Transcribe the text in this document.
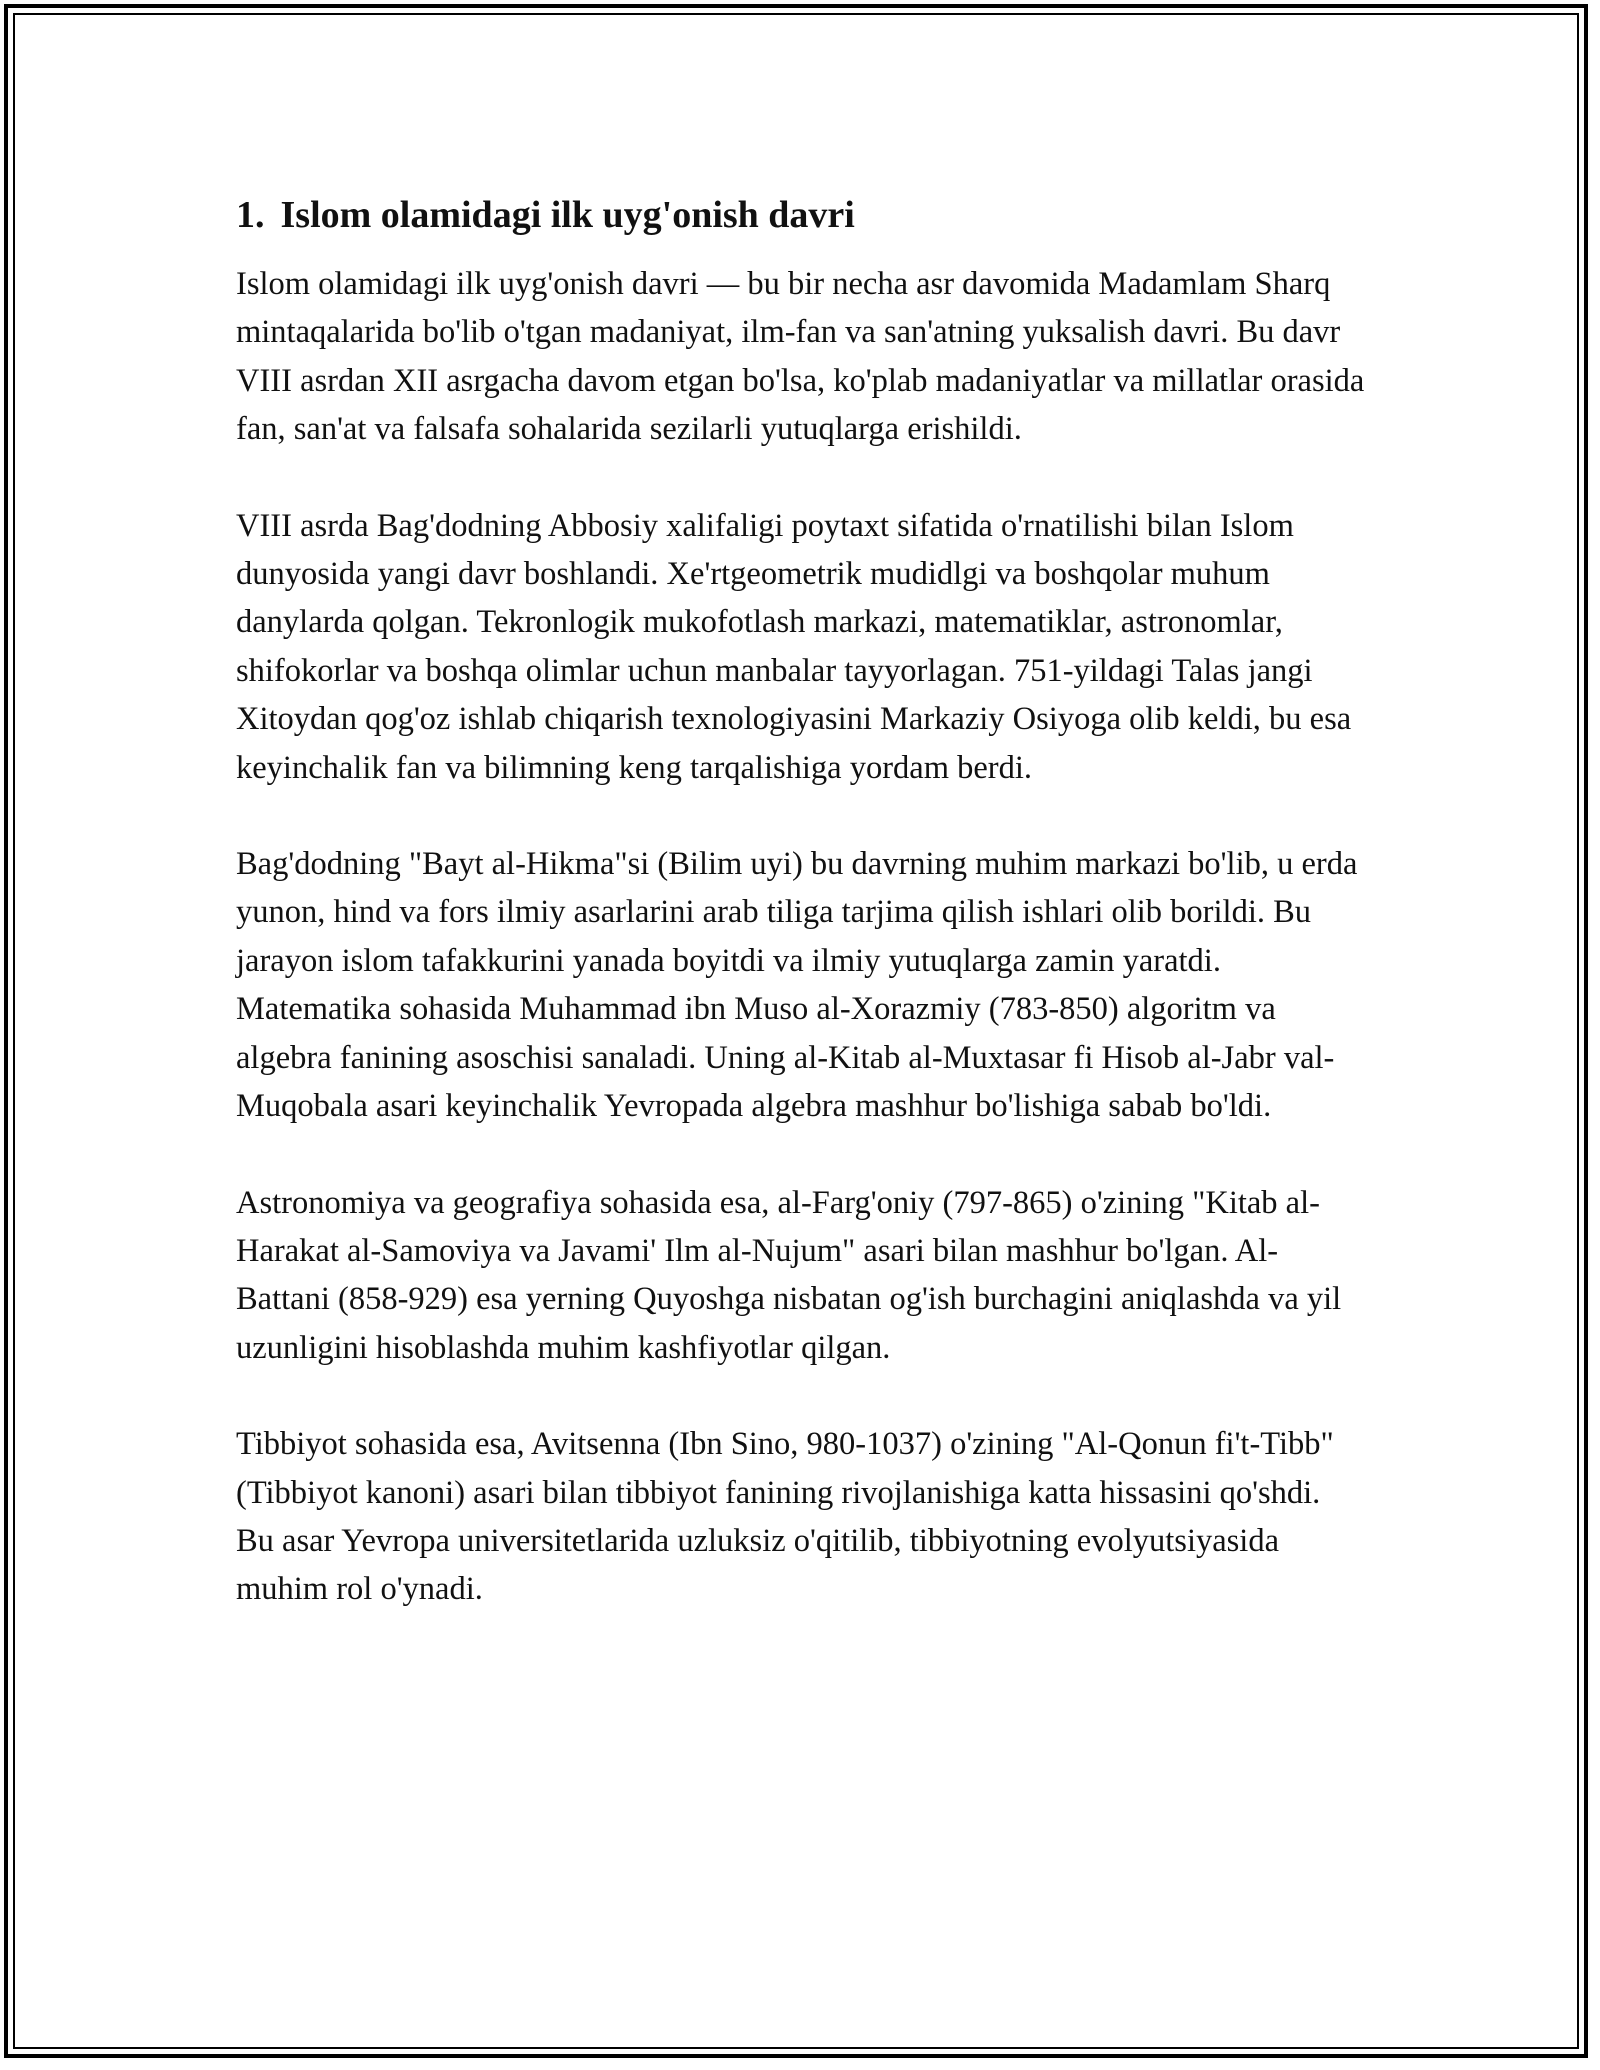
1. Islom olamidagi ilk uyg'onish davri

Islom olamidagi ilk uyg'onish davri — bu bir necha asr davomida Madamlam Sharq mintaqalarida bo'lib o'tgan madaniyat, ilm-fan va san'atning yuksalish davri. Bu davr VIII asrdan XII asrgacha davom etgan bo'lsa, ko'plab madaniyatlar va millatlar orasida fan, san'at va falsafa sohalarida sezilarli yutuqlarga erishildi.

VIII asrda Bag'dodning Abbosiy xalifaligi poytaxt sifatida o'rnatilishi bilan Islom dunyosida yangi davr boshlandi. Xe'rtgeometrik mudidlgi va boshqolar muhum danylarda qolgan. Tekronlogik mukofotlash markazi, matematiklar, astronomlar, shifokorlar va boshqa olimlar uchun manbalar tayyorlagan. 751-yildagi Talas jangi Xitoydan qog'oz ishlab chiqarish texnologiyasini Markaziy Osiyoga olib keldi, bu esa keyinchalik fan va bilimning keng tarqalishiga yordam berdi.

Bag'dodning "Bayt al-Hikma"si (Bilim uyi) bu davrning muhim markazi bo'lib, u erda yunon, hind va fors ilmiy asarlarini arab tiliga tarjima qilish ishlari olib borildi. Bu jarayon islom tafakkurini yanada boyitdi va ilmiy yutuqlarga zamin yaratdi. Matematika sohasida Muhammad ibn Muso al-Xorazmiy (783-850) algoritm va algebra fanining asoschisi sanaladi. Uning al-Kitab al-Muxtasar fi Hisob al-Jabr val-Muqobala asari keyinchalik Yevropada algebra mashhur bo'lishiga sabab bo'ldi.

Astronomiya va geografiya sohasida esa, al-Farg'oniy (797-865) o'zining "Kitab al-Harakat al-Samoviya va Javami' Ilm al-Nujum" asari bilan mashhur bo'lgan. Al-Battani (858-929) esa yerning Quyoshga nisbatan og'ish burchagini aniqlashda va yil uzunligini hisoblashda muhim kashfiyotlar qilgan.

Tibbiyot sohasida esa, Avitsenna (Ibn Sino, 980-1037) o'zining "Al-Qonun fi't-Tibb" (Tibbiyot kanoni) asari bilan tibbiyot fanining rivojlanishiga katta hissasini qo'shdi. Bu asar Yevropa universitetlarida uzluksiz o'qitilib, tibbiyotning evolyutsiyasida muhim rol o'ynadi.
